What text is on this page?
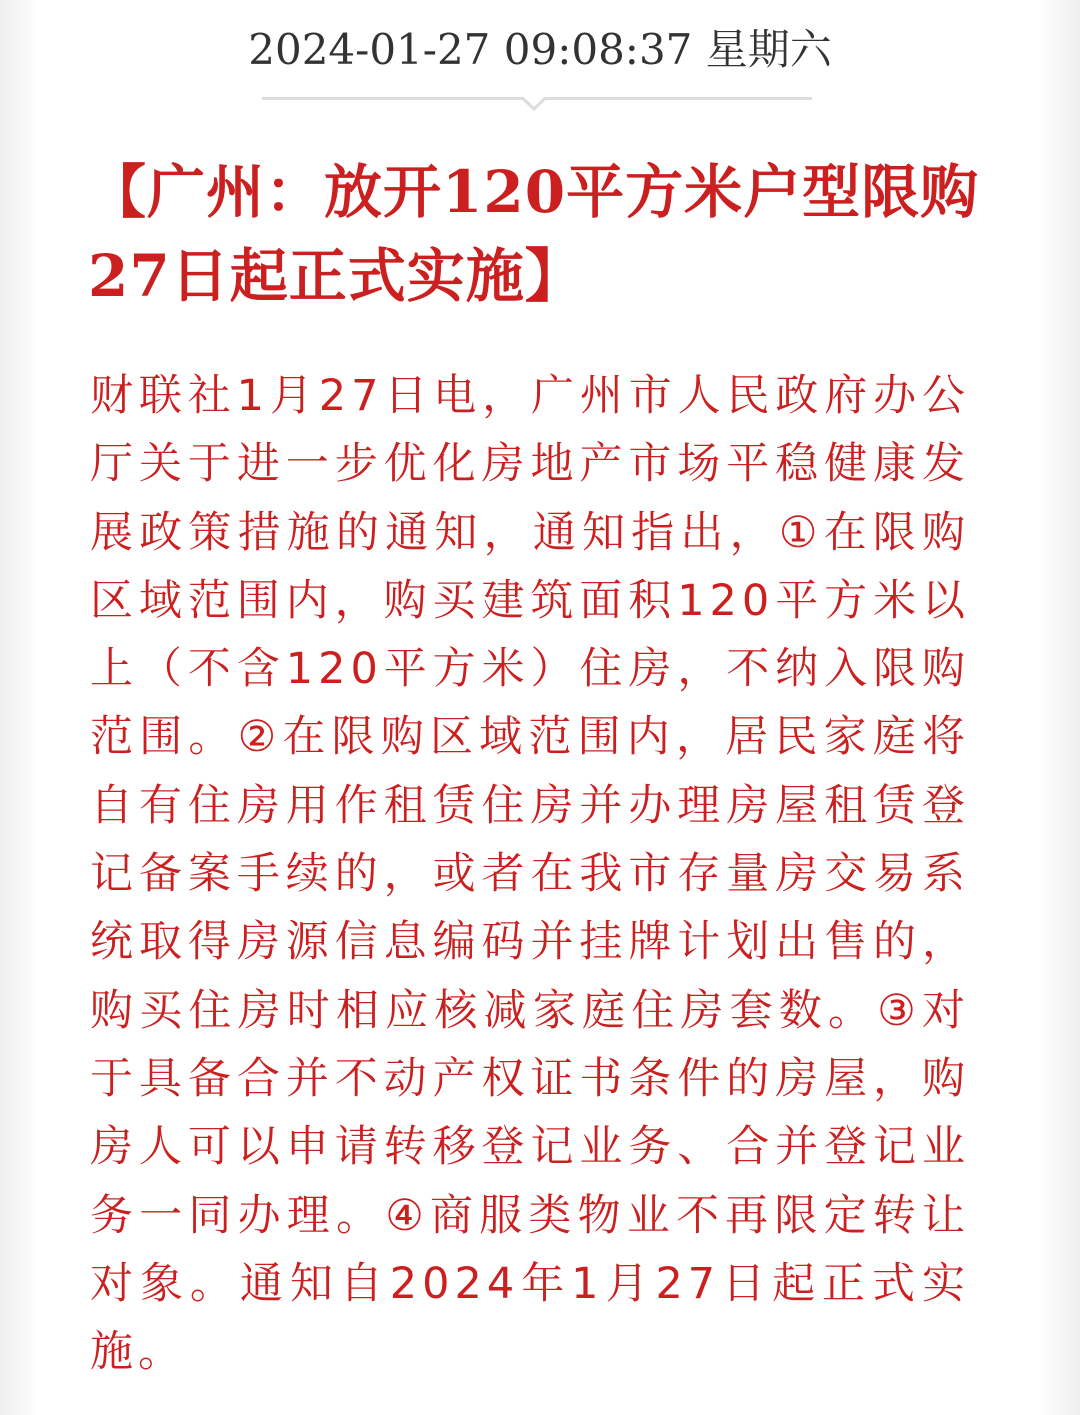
2024-01-27 09:08:37 星期六
【广州：放开120平方米户型限购27日起正式实施】
财联社1月27日电，广州市人民政府办公厅关于进一步优化房地产市场平稳健康发展政策措施的通知，通知指出，①在限购区域范围内，购买建筑面积120平方米以上（不含120平方米）住房，不纳入限购范围。②在限购区域范围内，居民家庭将自有住房用作租赁住房并办理房屋租赁登记备案手续的，或者在我市存量房交易系统取得房源信息编码并挂牌计划出售的，购买住房时相应核减家庭住房套数。③对于具备合并不动产权证书条件的房屋，购房人可以申请转移登记业务、合并登记业务一同办理。④商服类物业不再限定转让对象。通知自2024年1月27日起正式实施。
